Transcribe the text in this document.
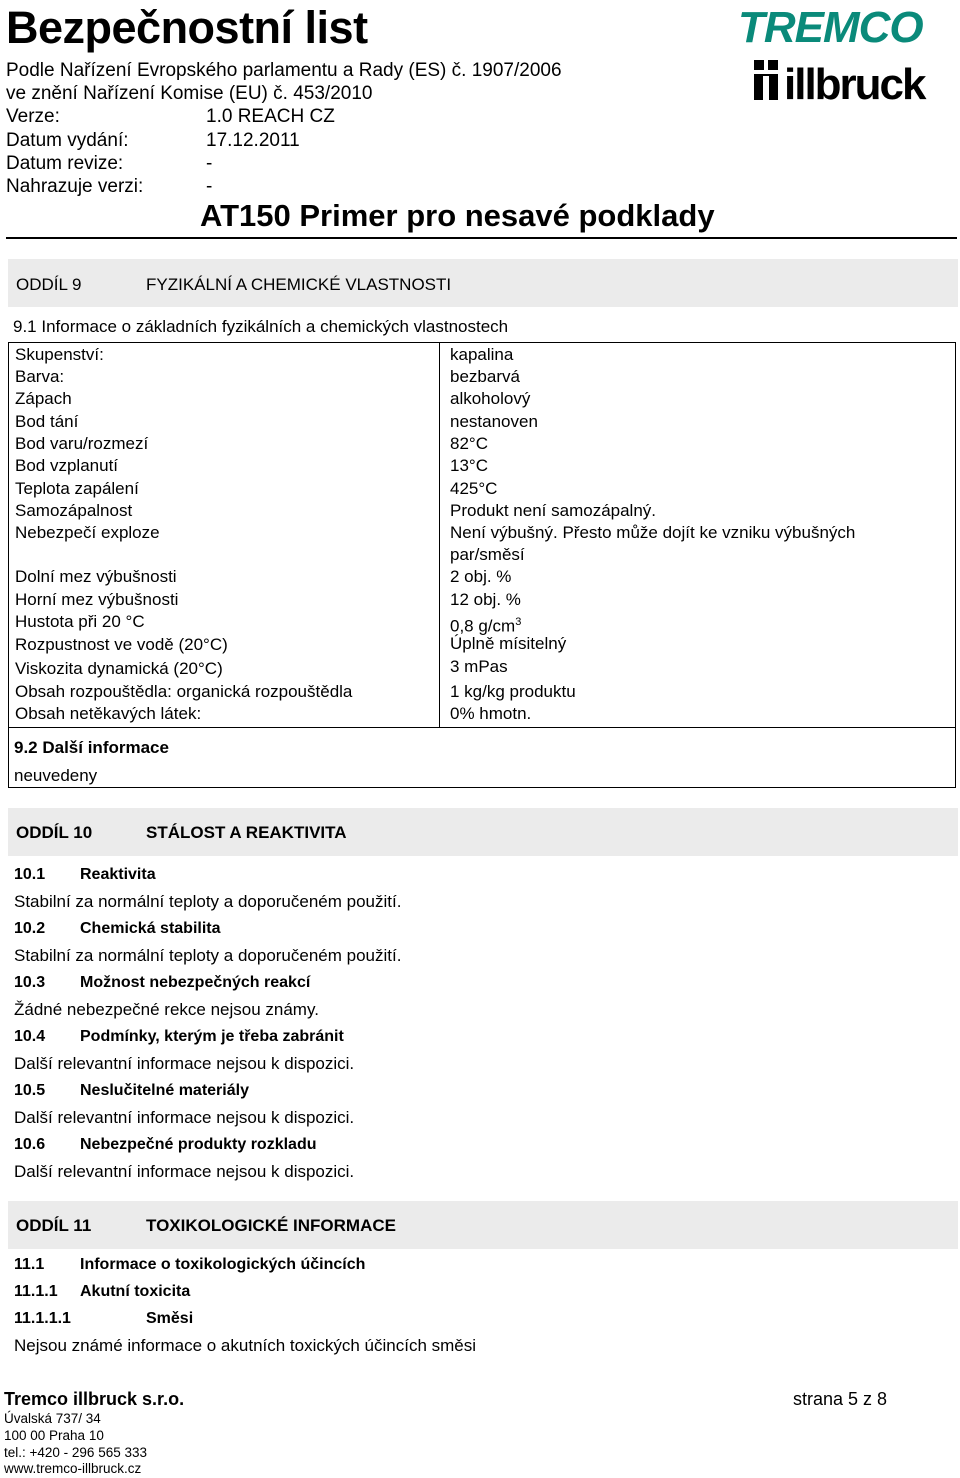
Bezpečnostní list
Podle Nařízení Evropského parlamentu a Rady (ES) č. 1907/2006
ve znění Nařízení Komise (EU) č. 453/2010
Verze:	1.0 REACH CZ
Datum vydání:	17.12.2011
Datum revize:	-
Nahrazuje verzi:	-
TREMCO
illbruck
AT150 Primer pro nesavé podklady
ODDÍL 9	FYZIKÁLNÍ A CHEMICKÉ VLASTNOSTI
9.1 Informace o základních fyzikálních a chemických vlastnostech
Skupenství:	kapalina
Barva:	bezbarvá
Zápach	alkoholový
Bod tání	nestanoven
Bod varu/rozmezí	82°C
Bod vzplanutí	13°C
Teplota zapálení	425°C
Samozápalnost	Produkt není samozápalný.
Nebezpečí exploze	Není výbušný. Přesto může dojít ke vzniku výbušných
par/směsí
Dolní mez výbušnosti	2 obj. %
Horní mez výbušnosti	12 obj. %
Hustota při 20 °C	0,8 $g/cm^3$
Rozpustnost ve vodě (20°C)	Úplně mísitelný
Viskozita dynamická (20°C)	3 mPas
Obsah rozpouštědla: organická rozpouštědla	1 kg/kg produktu
Obsah netěkavých látek:	0% hmotn.
9.2 Další informace
neuvedeny
ODDÍL 10	STÁLOST A REAKTIVITA
10.1 Reaktivita
Stabilní za normální teploty a doporučeném použití.
10.2 Chemická stabilita
Stabilní za normální teploty a doporučeném použití.
10.3 Možnost nebezpečných reakcí
Žádné nebezpečné rekce nejsou známy.
10.4 Podmínky, kterým je třeba zabránit
Další relevantní informace nejsou k dispozici.
10.5 Neslučitelné materiály
Další relevantní informace nejsou k dispozici.
10.6 Nebezpečné produkty rozkladu
Další relevantní informace nejsou k dispozici.
ODDÍL 11	TOXIKOLOGICKÉ INFORMACE
11.1 Informace o toxikologických účincích
11.1.1 Akutní toxicita
11.1.1.1	Směsi
Nejsou známé informace o akutních toxických účincích směsi
Tremco illbruck s.r.o.
Úvalská 737/ 34
100 00 Praha 10
tel.: +420 - 296 565 333
www.tremco-illbruck.cz
strana 5 z 8
